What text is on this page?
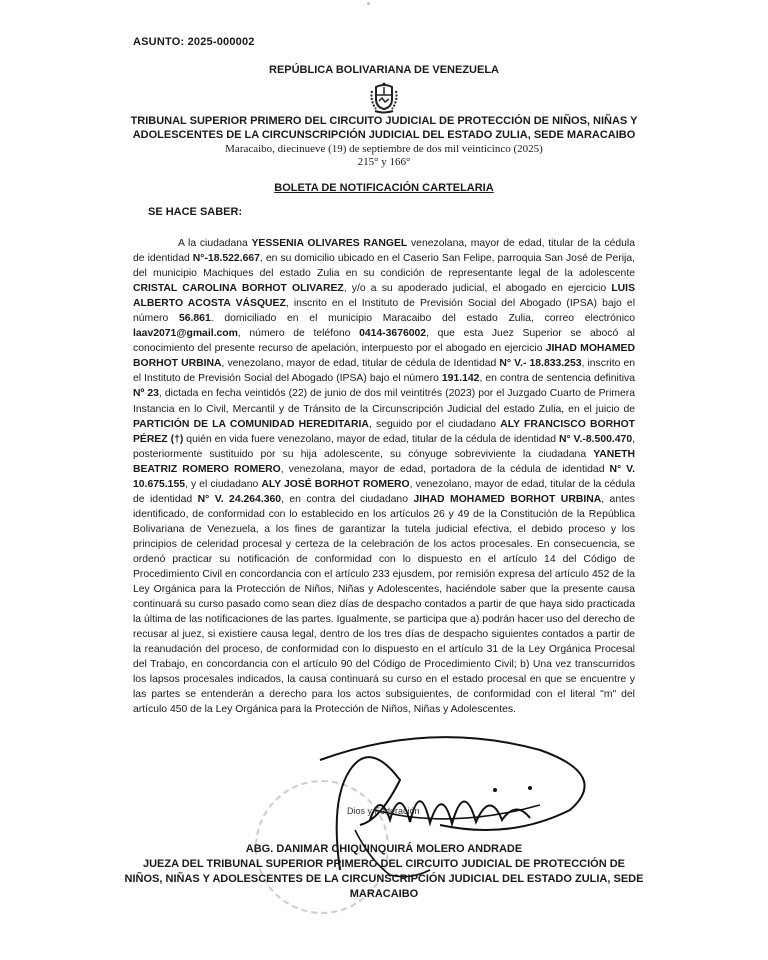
ASUNTO: 2025-000002
REPÚBLICA BOLIVARIANA DE VENEZUELA
TRIBUNAL SUPERIOR PRIMERO DEL CIRCUITO JUDICIAL DE PROTECCIÓN DE NIÑOS, NIÑAS Y
ADOLESCENTES DE LA CIRCUNSCRIPCIÓN JUDICIAL DEL ESTADO ZULIA, SEDE MARACAIBO
Maracaibo, diecinueve (19) de septiembre de dos mil veinticinco (2025)
215° y 166°
BOLETA DE NOTIFICACIÓN CARTELARIA
SE HACE SABER:
A la ciudadana YESSENIA OLIVARES RANGEL venezolana, mayor de edad, titular de la cédula de identidad N°-18.522.667, en su domicilio ubicado en el Caserio San Felipe, parroquia San José de Perija, del municipio Machiques del estado Zulia en su condición de representante legal de la adolescente CRISTAL CAROLINA BORHOT OLIVAREZ, y/o a su apoderado judicial, el abogado en ejercicio LUIS ALBERTO ACOSTA VÁSQUEZ, inscrito en el Instituto de Previsión Social del Abogado (IPSA) bajo el número 56.861. domiciliado en el municipio Maracaibo del estado Zulia, correo electrónico laav2071@gmail.com, número de teléfono 0414-3676002, que esta Juez Superior se abocó al conocimiento del presente recurso de apelación, interpuesto por el abogado en ejercicio JIHAD MOHAMED BORHOT URBINA, venezolano, mayor de edad, titular de cédula de Identidad N° V.- 18.833.253, inscrito en el Instituto de Previsión Social del Abogado (IPSA) bajo el número 191.142, en contra de sentencia definitiva Nº 23, dictada en fecha veintidós (22) de junio de dos mil veintitrés (2023) por el Juzgado Cuarto de Primera Instancia en lo Civil, Mercantil y de Tránsito de la Circunscripción Judicial del estado Zulia, en el juicio de PARTICIÓN DE LA COMUNIDAD HEREDITARIA, seguido por el ciudadano ALY FRANCISCO BORHOT PÉREZ (†) quién en vida fuere venezolano, mayor de edad, titular de la cédula de identidad N° V.-8.500.470, posteriormente sustituido por su hija adolescente, su cónyuge sobreviviente la ciudadana YANETH BEATRIZ ROMERO ROMERO, venezolana, mayor de edad, portadora de la cédula de identidad N° V. 10.675.155, y el ciudadano ALY JOSÉ BORHOT ROMERO, venezolano, mayor de edad, titular de la cédula de identidad N° V. 24.264.360, en contra del ciudadano JIHAD MOHAMED BORHOT URBINA, antes identificado, de conformidad con lo establecido en los artículos 26 y 49 de la Constitución de la República Bolivariana de Venezuela, a los fines de garantizar la tutela judicial efectiva, el debido proceso y los principios de celeridad procesal y certeza de la celebración de los actos procesales. En consecuencia, se ordenó practicar su notificación de conformidad con lo dispuesto en el artículo 14 del Código de Procedimiento Civil en concordancia con el artículo 233 ejusdem, por remisión expresa del artículo 452 de la Ley Orgánica para la Protección de Niños, Niñas y Adolescentes, haciéndole saber que la presente causa continuará su curso pasado como sean diez días de despacho contados a partir de que haya sido practicada la última de las notificaciones de las partes. Igualmente, se participa que a) podrán hacer uso del derecho de recusar al juez, si existiere causa legal, dentro de los tres días de despacho siguientes contados a partir de la reanudación del proceso, de conformidad con lo dispuesto en el artículo 31 de la Ley Orgánica Procesal del Trabajo, en concordancia con el artículo 90 del Código de Procedimiento Civil; b) Una vez transcurridos los lapsos procesales indicados, la causa continuará su curso en el estado procesal en que se encuentre y las partes se entenderán a derecho para los actos subsiguientes, de conformidad con el literal "m" del artículo 450 de la Ley Orgánica para la Protección de Niños, Niñas y Adolescentes.
Dios y Federación
ABG. DANIMAR CHIQUINQUIRÁ MOLERO ANDRADE
JUEZA DEL TRIBUNAL SUPERIOR PRIMERO DEL CIRCUITO JUDICIAL DE PROTECCIÓN DE
NIÑOS, NIÑAS Y ADOLESCENTES DE LA CIRCUNSCRIPCIÓN JUDICIAL DEL ESTADO ZULIA, SEDE
MARACAIBO
